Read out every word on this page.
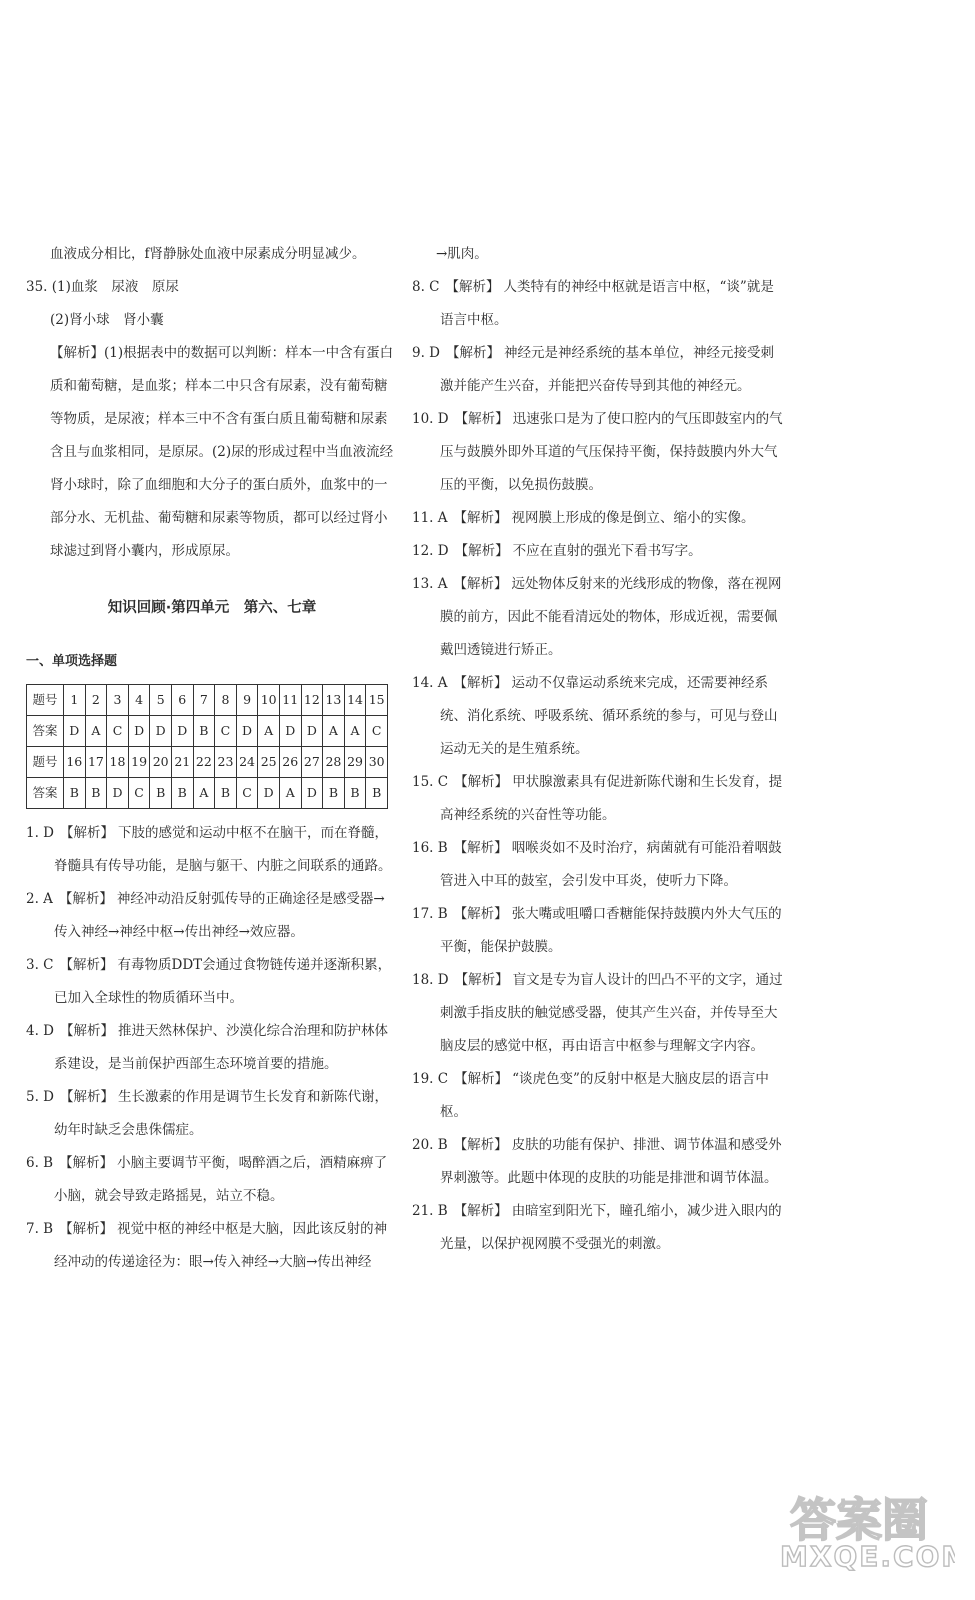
血液成分相比，f肾静脉处血液中尿素成分明显减少。

35. (1)血浆　尿液　原尿

(2)肾小球　肾小囊

【解析】(1)根据表中的数据可以判断：样本一中含有蛋白质和葡萄糖，是血浆；样本二中只含有尿素，没有葡萄糖等物质，是尿液；样本三中不含有蛋白质且葡萄糖和尿素含且与血浆相同，是原尿。(2)尿的形成过程中当血液流经肾小球时，除了血细胞和大分子的蛋白质外，血浆中的一部分水、无机盐、葡萄糖和尿素等物质，都可以经过肾小球滤过到肾小囊内，形成原尿。

知识回顾·第四单元　第六、七章
一、单项选择题
题号	1	2	3	4	5	6	7	8	9	10	11	12	13	14	15
答案	D	A	C	D	D	D	B	C	D	A	D	D	A	A	C
题号	16	17	18	19	20	21	22	23	24	25	26	27	28	29	30
答案	B	B	D	C	B	B	A	B	C	D	A	D	B	B	B

1. D 【解析】 下肢的感觉和运动中枢不在脑干，而在脊髓，脊髓具有传导功能，是脑与躯干、内脏之间联系的通路。

2. A 【解析】 神经冲动沿反射弧传导的正确途径是感受器→传入神经→神经中枢→传出神经→效应器。

3. C 【解析】 有毒物质DDT会通过食物链传递并逐渐积累，已加入全球性的物质循环当中。

4. D 【解析】 推进天然林保护、沙漠化综合治理和防护林体系建设，是当前保护西部生态环境首要的措施。

5. D 【解析】 生长激素的作用是调节生长发育和新陈代谢，幼年时缺乏会患侏儒症。

6. B 【解析】 小脑主要调节平衡，喝醉酒之后，酒精麻痹了小脑，就会导致走路摇晃，站立不稳。

7. B 【解析】 视觉中枢的神经中枢是大脑，因此该反射的神经冲动的传递途径为：眼→传入神经→大脑→传出神经

→肌肉。

8. C 【解析】 人类特有的神经中枢就是语言中枢，“谈”就是语言中枢。

9. D 【解析】 神经元是神经系统的基本单位，神经元接受刺激并能产生兴奋，并能把兴奋传导到其他的神经元。

10. D 【解析】 迅速张口是为了使口腔内的气压即鼓室内的气压与鼓膜外即外耳道的气压保持平衡，保持鼓膜内外大气压的平衡，以免损伤鼓膜。

11. A 【解析】 视网膜上形成的像是倒立、缩小的实像。

12. D 【解析】 不应在直射的强光下看书写字。

13. A 【解析】 远处物体反射来的光线形成的物像，落在视网膜的前方，因此不能看清远处的物体，形成近视，需要佩戴凹透镜进行矫正。

14. A 【解析】 运动不仅靠运动系统来完成，还需要神经系统、消化系统、呼吸系统、循环系统的参与，可见与登山运动无关的是生殖系统。

15. C 【解析】 甲状腺激素具有促进新陈代谢和生长发育，提高神经系统的兴奋性等功能。

16. B 【解析】 咽喉炎如不及时治疗，病菌就有可能沿着咽鼓管进入中耳的鼓室，会引发中耳炎，使听力下降。

17. B 【解析】 张大嘴或咀嚼口香糖能保持鼓膜内外大气压的平衡，能保护鼓膜。

18. D 【解析】 盲文是专为盲人设计的凹凸不平的文字，通过刺激手指皮肤的触觉感受器，使其产生兴奋，并传导至大脑皮层的感觉中枢，再由语言中枢参与理解文字内容。

19. C 【解析】 “谈虎色变”的反射中枢是大脑皮层的语言中枢。

20. B 【解析】 皮肤的功能有保护、排泄、调节体温和感受外界刺激等。此题中体现的皮肤的功能是排泄和调节体温。

21. B 【解析】 由暗室到阳光下，瞳孔缩小，减少进入眼内的光量，以保护视网膜不受强光的刺激。

答案圈
MXQE.COM
